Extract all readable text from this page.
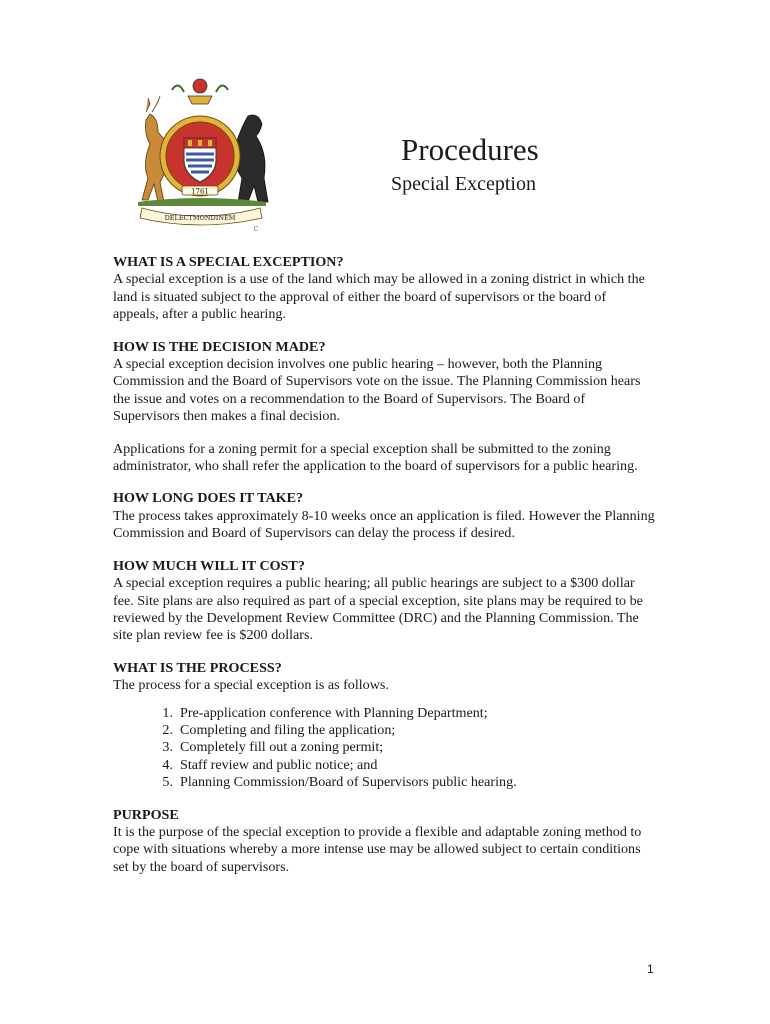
1761
DELECTMONDINEM
C
Procedures
Special Exception
WHAT IS A SPECIAL EXCEPTION?
A special exception is a use of the land which may be allowed in a zoning district in which the land is situated subject to the approval of either the board of supervisors or the board of appeals, after a public hearing.
HOW IS THE DECISION MADE?
A special exception decision involves one public hearing – however, both the Planning Commission and the Board of Supervisors vote on the issue. The Planning Commission hears the issue and votes on a recommendation to the Board of Supervisors. The Board of Supervisors then makes a final decision.
Applications for a zoning permit for a special exception shall be submitted to the zoning administrator, who shall refer the application to the board of supervisors for a public hearing.
HOW LONG DOES IT TAKE?
The process takes approximately 8-10 weeks once an application is filed. However the Planning Commission and Board of Supervisors can delay the process if desired.
HOW MUCH WILL IT COST?
A special exception requires a public hearing; all public hearings are subject to a $300 dollar fee. Site plans are also required as part of a special exception, site plans may be required to be reviewed by the Development Review Committee (DRC) and the Planning Commission. The site plan review fee is $200 dollars.
WHAT IS THE PROCESS?
The process for a special exception is as follows.
1. Pre-application conference with Planning Department;
2. Completing and filing the application;
3. Completely fill out a zoning permit;
4. Staff review and public notice; and
5. Planning Commission/Board of Supervisors public hearing.
PURPOSE
It is the purpose of the special exception to provide a flexible and adaptable zoning method to cope with situations whereby a more intense use may be allowed subject to certain conditions set by the board of supervisors.
1
